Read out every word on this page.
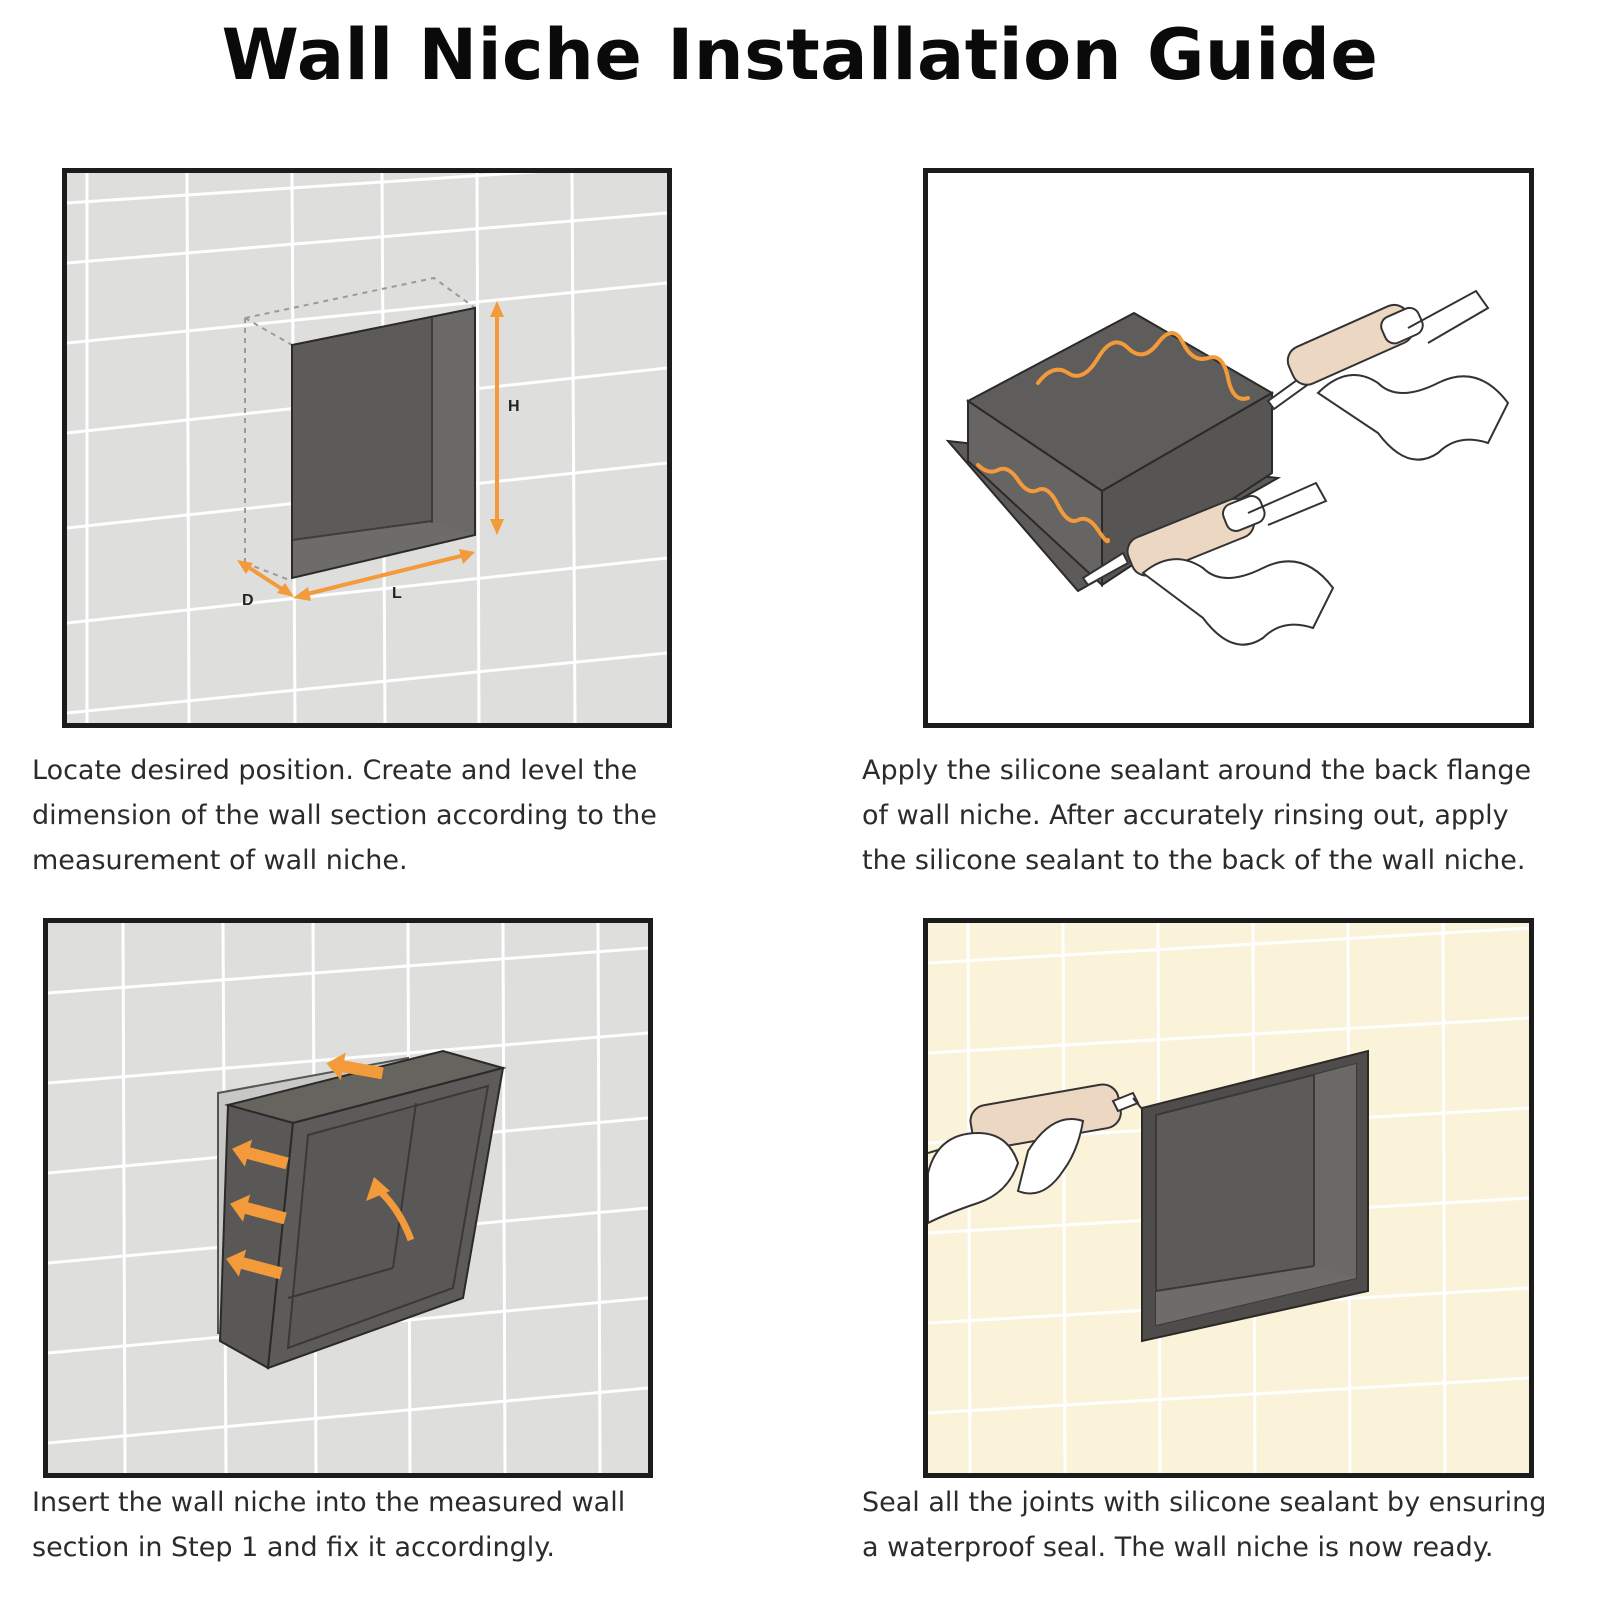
Wall Niche Installation Guide
H
D	L

Locate desired position. Create and level the dimension of the wall section according to the measurement of wall niche.

Apply the silicone sealant around the back flange of wall niche. After accurately rinsing out, apply the silicone sealant to the back of the wall niche.

Insert the wall niche into the measured wall section in Step 1 and fix it accordingly.

Seal all the joints with silicone sealant by ensuring a waterproof seal. The wall niche is now ready.
